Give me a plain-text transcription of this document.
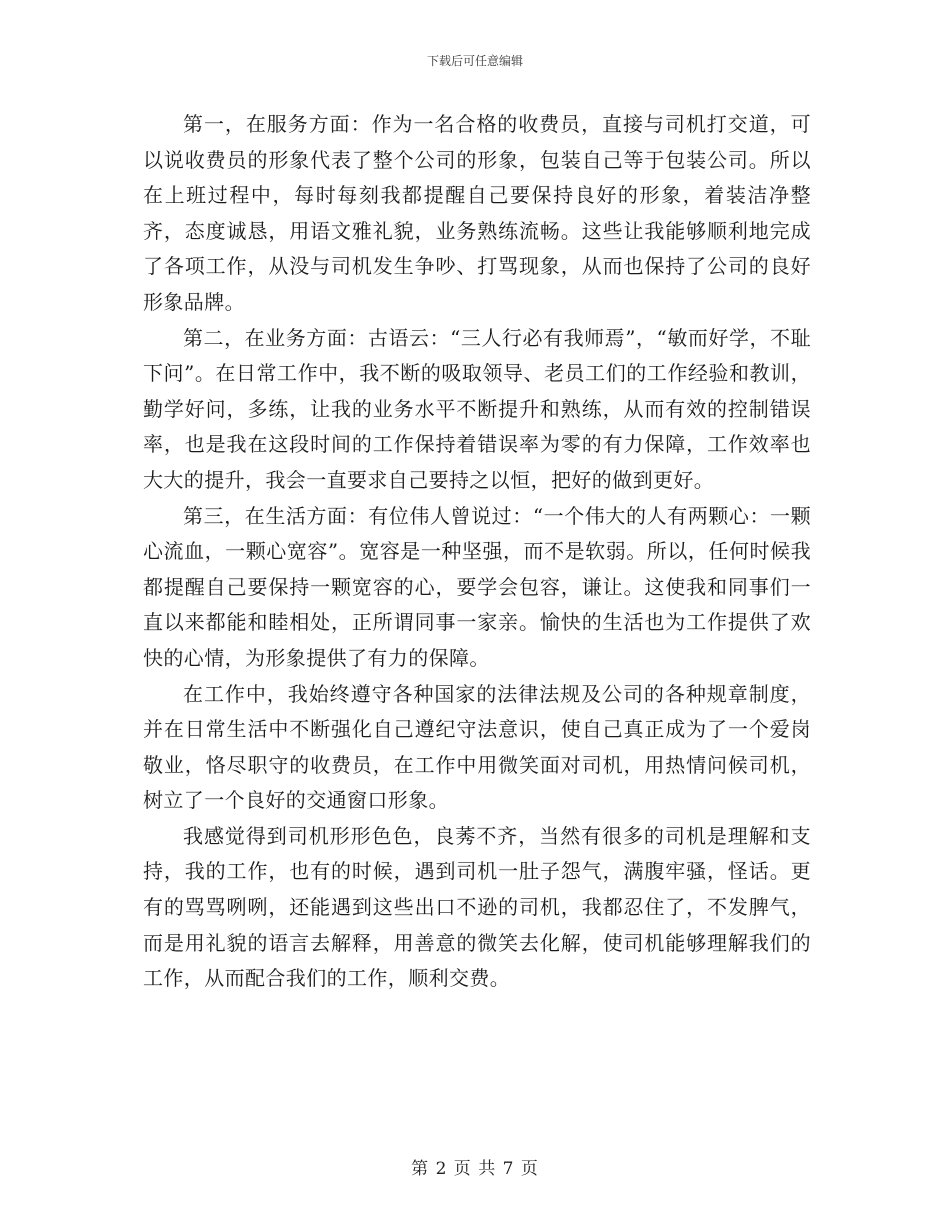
下载后可任意编辑

第一，在服务方面：作为一名合格的收费员，直接与司机打交道，可以说收费员的形象代表了整个公司的形象，包装自己等于包装公司。所以在上班过程中，每时每刻我都提醒自己要保持良好的形象，着装洁净整齐，态度诚恳，用语文雅礼貌，业务熟练流畅。这些让我能够顺利地完成了各项工作，从没与司机发生争吵、打骂现象，从而也保持了公司的良好形象品牌。

第二，在业务方面：古语云：“三人行必有我师焉”，“敏而好学，不耻下问”。在日常工作中，我不断的吸取领导、老员工们的工作经验和教训，勤学好问，多练，让我的业务水平不断提升和熟练，从而有效的控制错误率，也是我在这段时间的工作保持着错误率为零的有力保障，工作效率也大大的提升，我会一直要求自己要持之以恒，把好的做到更好。

第三，在生活方面：有位伟人曾说过：“一个伟大的人有两颗心：一颗心流血，一颗心宽容”。宽容是一种坚强，而不是软弱。所以，任何时候我都提醒自己要保持一颗宽容的心，要学会包容，谦让。这使我和同事们一直以来都能和睦相处，正所谓同事一家亲。愉快的生活也为工作提供了欢快的心情，为形象提供了有力的保障。

在工作中，我始终遵守各种国家的法律法规及公司的各种规章制度，并在日常生活中不断强化自己遵纪守法意识，使自己真正成为了一个爱岗敬业，恪尽职守的收费员，在工作中用微笑面对司机，用热情问候司机，树立了一个良好的交通窗口形象。

我感觉得到司机形形色色，良莠不齐，当然有很多的司机是理解和支持，我的工作，也有的时候，遇到司机一肚子怨气，满腹牢骚，怪话。更有的骂骂咧咧，还能遇到这些出口不逊的司机，我都忍住了，不发脾气，而是用礼貌的语言去解释，用善意的微笑去化解，使司机能够理解我们的工作，从而配合我们的工作，顺利交费。

第 2 页 共 7 页
